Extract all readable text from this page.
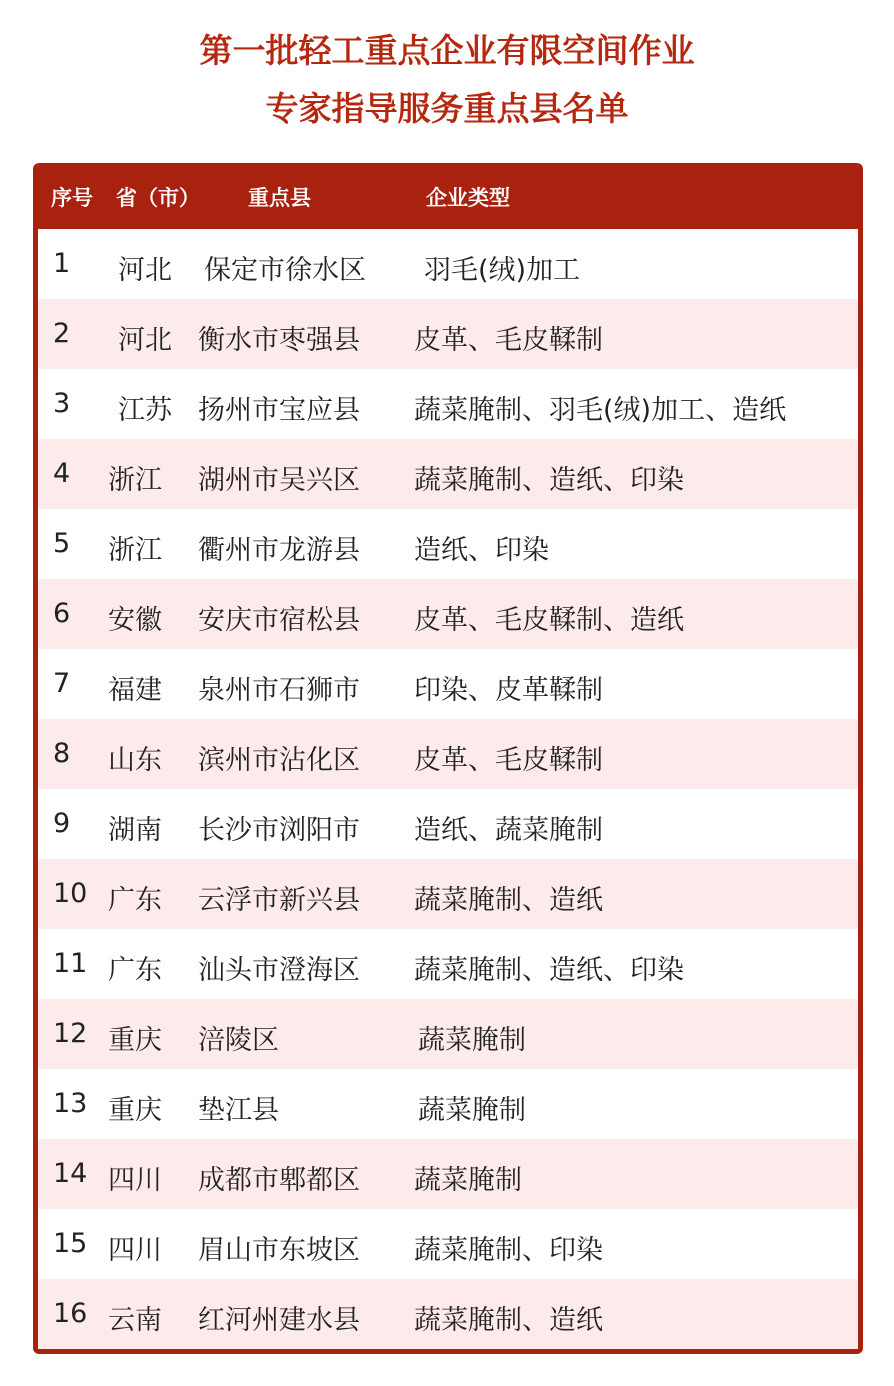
第一批轻工重点企业有限空间作业
专家指导服务重点县名单
序号 省（市） 重点县	企业类型
1 河北 保定市徐水区 羽毛(绒)加工
2 河北 衡水市枣强县 皮革、毛皮鞣制
3 江苏 扬州市宝应县 蔬菜腌制、羽毛(绒)加工、造纸
4 浙江 湖州市吴兴区 蔬菜腌制、造纸、印染
5 浙江 衢州市龙游县 造纸、印染
6 安徽 安庆市宿松县 皮革、毛皮鞣制、造纸
7 福建 泉州市石狮市 印染、皮革鞣制
8 山东 滨州市沾化区 皮革、毛皮鞣制
9 湖南 长沙市浏阳市 造纸、蔬菜腌制
10 广东 云浮市新兴县 蔬菜腌制、造纸
11 广东 汕头市澄海区 蔬菜腌制、造纸、印染
12 重庆 涪陵区	蔬菜腌制
13 重庆 垫江县	蔬菜腌制
14 四川 成都市郫都区 蔬菜腌制
15 四川 眉山市东坡区 蔬菜腌制、印染
16 云南 红河州建水县 蔬菜腌制、造纸
